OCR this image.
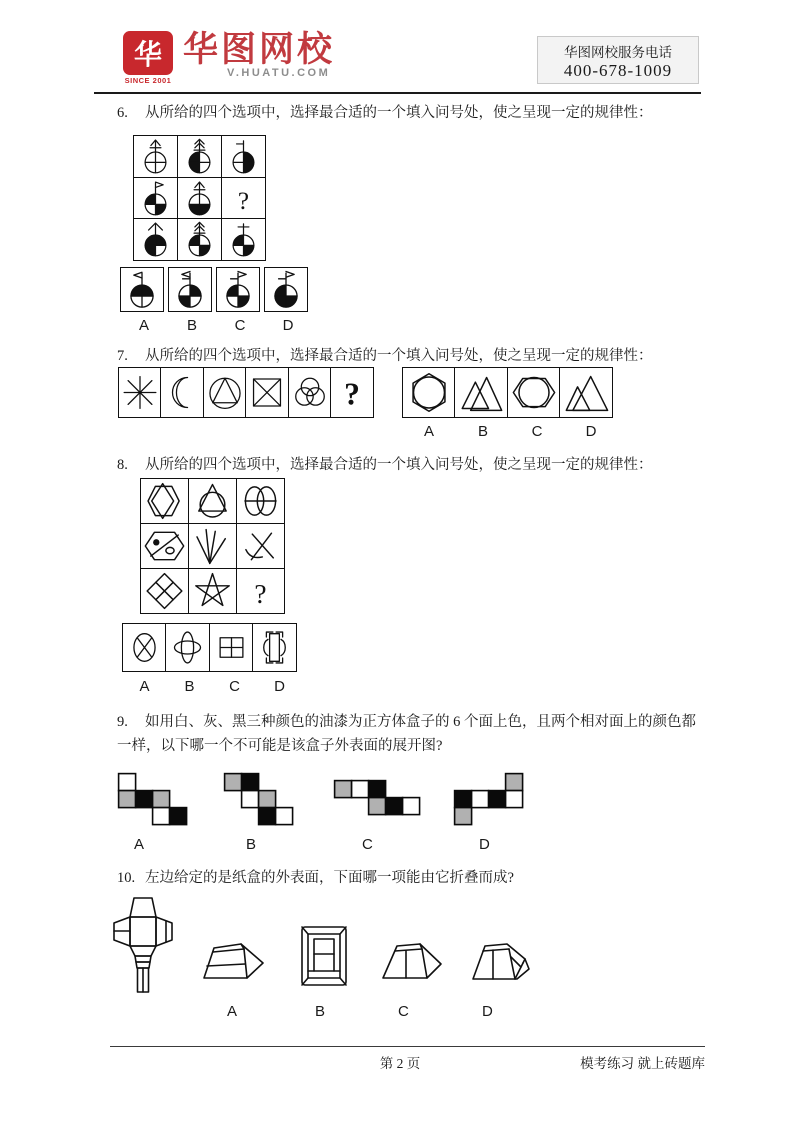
华
SINCE 2001
华图网校
V.HUATU.COM
华图网校服务电话
400-678-1009
6. 从所给的四个选项中，选择最合适的一个填入问号处，使之呈现一定的规律性：
?
A	B	C	D
7. 从所给的四个选项中，选择最合适的一个填入问号处，使之呈现一定的规律性：
?
A	B	C	D
8. 从所给的四个选项中，选择最合适的一个填入问号处，使之呈现一定的规律性：
?
A	B	C	D
9. 如用白、灰、黑三种颜色的油漆为正方体盒子的 6 个面上色，且两个相对面上的颜色都
一样，以下哪一个不可能是该盒子外表面的展开图?
A	B	C	D
10. 左边给定的是纸盒的外表面，下面哪一项能由它折叠而成?
A	B	C	D
第 2 页	模考练习 就上砖题库
